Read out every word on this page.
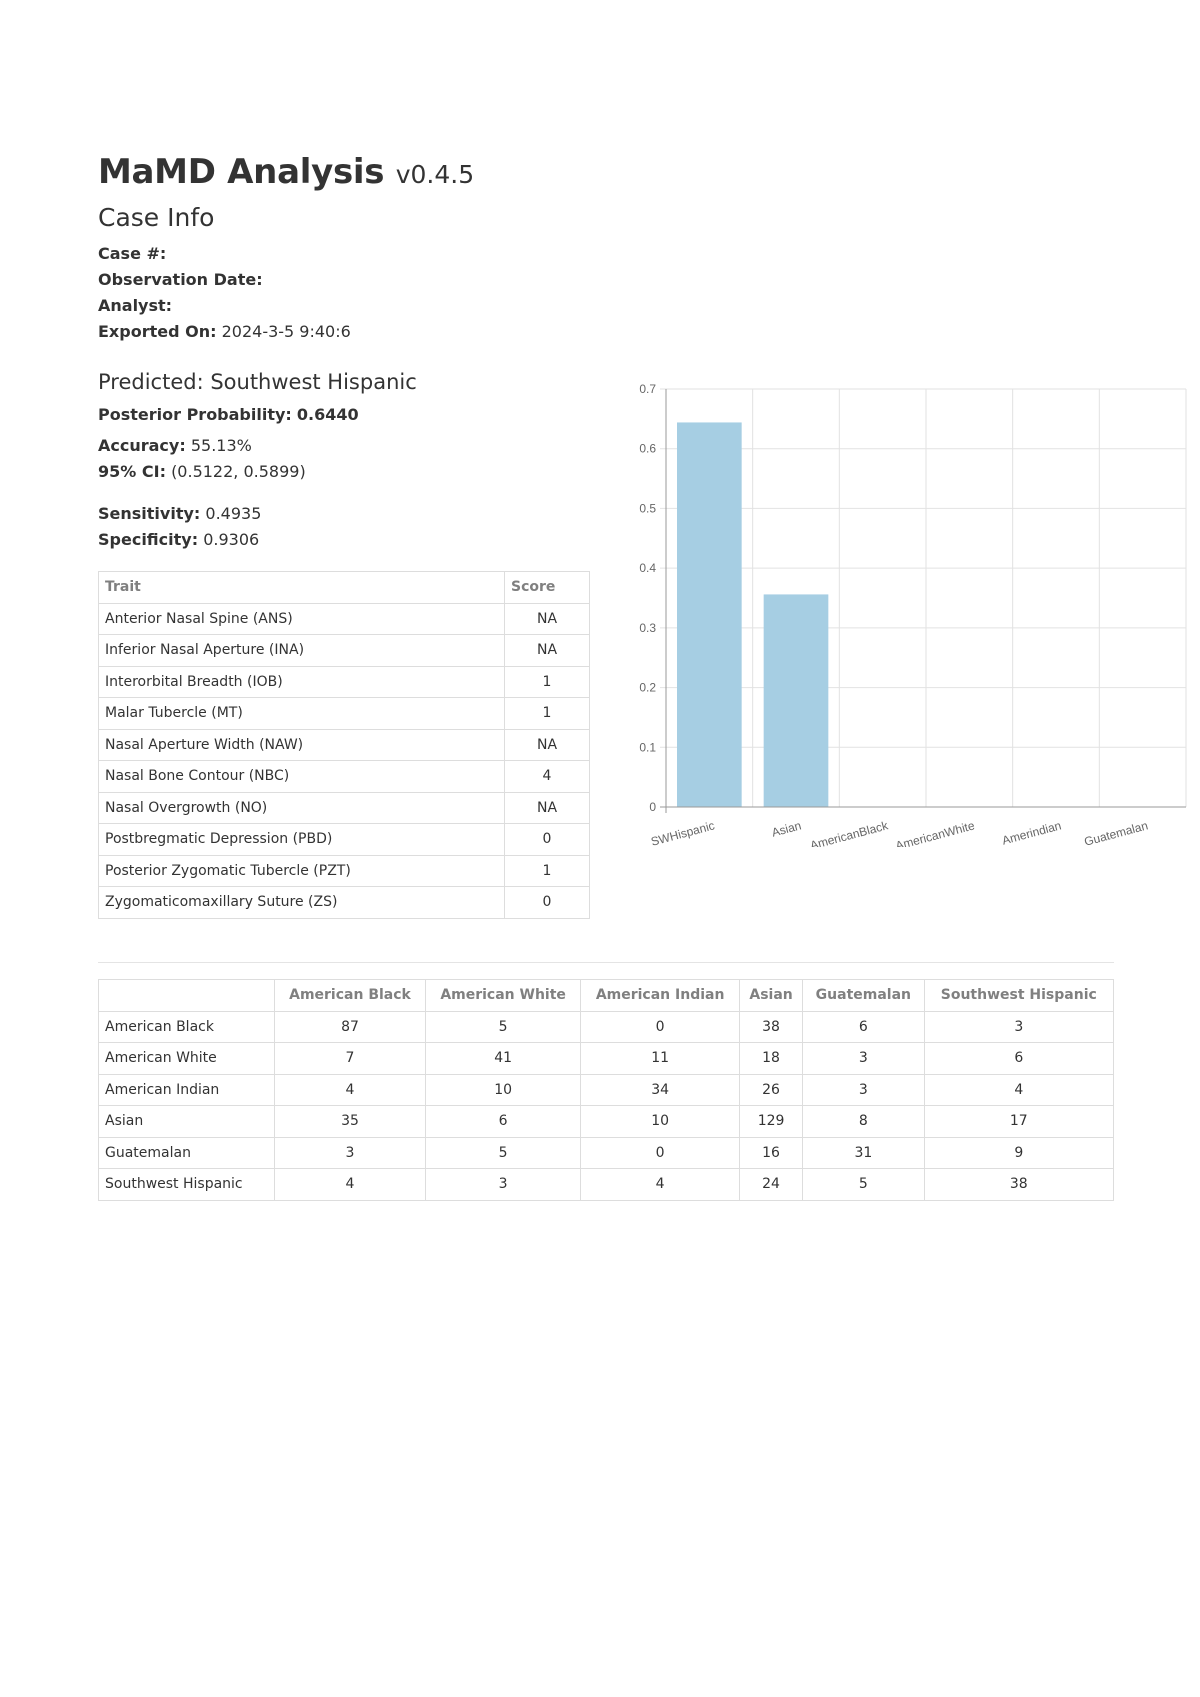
MaMD Analysis v0.4.5
Case Info
Case #:
Observation Date:
Analyst:
Exported On: 2024-3-5 9:40:6
Predicted: Southwest Hispanic
Posterior Probability: 0.6440
Accuracy: 55.13%
95% CI: (0.5122, 0.5899)
Sensitivity: 0.4935
Specificity: 0.9306
Trait	Score
Anterior Nasal Spine (ANS)	NA
Inferior Nasal Aperture (INA)	NA
Interorbital Breadth (IOB)	1
Malar Tubercle (MT)	1
Nasal Aperture Width (NAW)	NA
Nasal Bone Contour (NBC)	4
Nasal Overgrowth (NO)	NA
Postbregmatic Depression (PBD)	0
Posterior Zygomatic Tubercle (PZT)	1
Zygomaticomaxillary Suture (ZS)	0
0
0.1
0.2
0.3
0.4
0.5
0.6
0.7
SWHispanic	Asian AmericanBlack AmericanWhite Amerindian Guatemalan
	American Black	American White	American Indian	Asian	Guatemalan	Southwest Hispanic
American Black	87	5	0	38	6	3
American White	7	41	11	18	3	6
American Indian	4	10	34	26	3	4
Asian	35	6	10	129	8	17
Guatemalan	3	5	0	16	31	9
Southwest Hispanic	4	3	4	24	5	38
